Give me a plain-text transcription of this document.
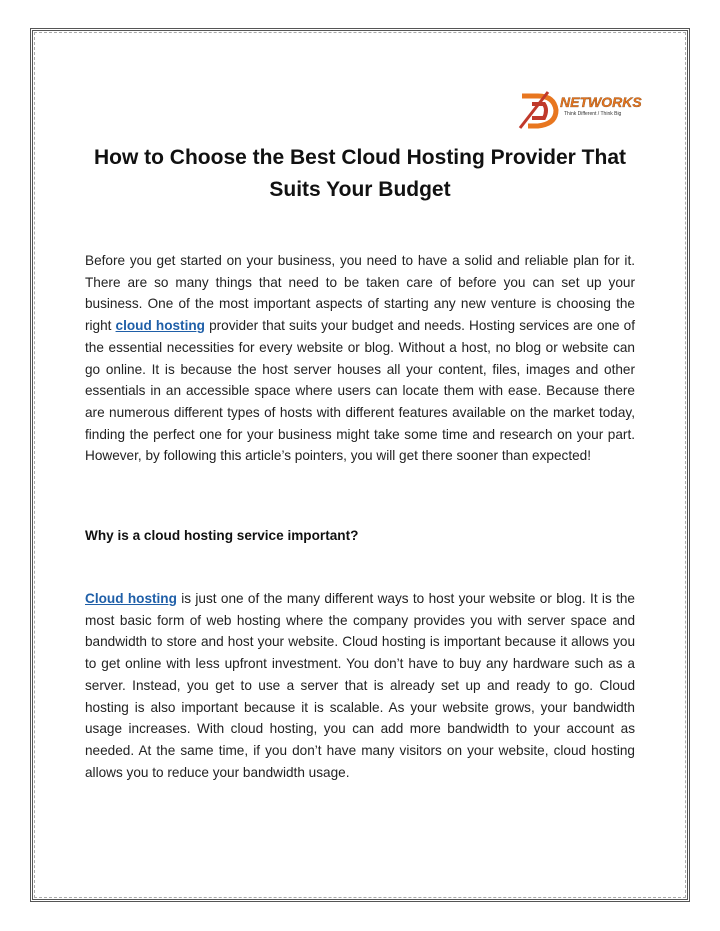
NETWORKS
Think Different / Think Big
How to Choose the Best Cloud Hosting Provider That Suits Your Budget

Before you get started on your business, you need to have a solid and reliable plan for it. There are so many things that need to be taken care of before you can set up your business. One of the most important aspects of starting any new venture is choosing the right cloud hosting provider that suits your budget and needs. Hosting services are one of the essential necessities for every website or blog. Without a host, no blog or website can go online. It is because the host server houses all your content, files, images and other essentials in an accessible space where users can locate them with ease. Because there are numerous different types of hosts with different features available on the market today, finding the perfect one for your business might take some time and research on your part. However, by following this article’s pointers, you will get there sooner than expected!

Why is a cloud hosting service important?

Cloud hosting is just one of the many different ways to host your website or blog. It is the most basic form of web hosting where the company provides you with server space and bandwidth to store and host your website. Cloud hosting is important because it allows you to get online with less upfront investment. You don’t have to buy any hardware such as a server. Instead, you get to use a server that is already set up and ready to go. Cloud hosting is also important because it is scalable. As your website grows, your bandwidth usage increases. With cloud hosting, you can add more bandwidth to your account as needed. At the same time, if you don’t have many visitors on your website, cloud hosting allows you to reduce your bandwidth usage.
